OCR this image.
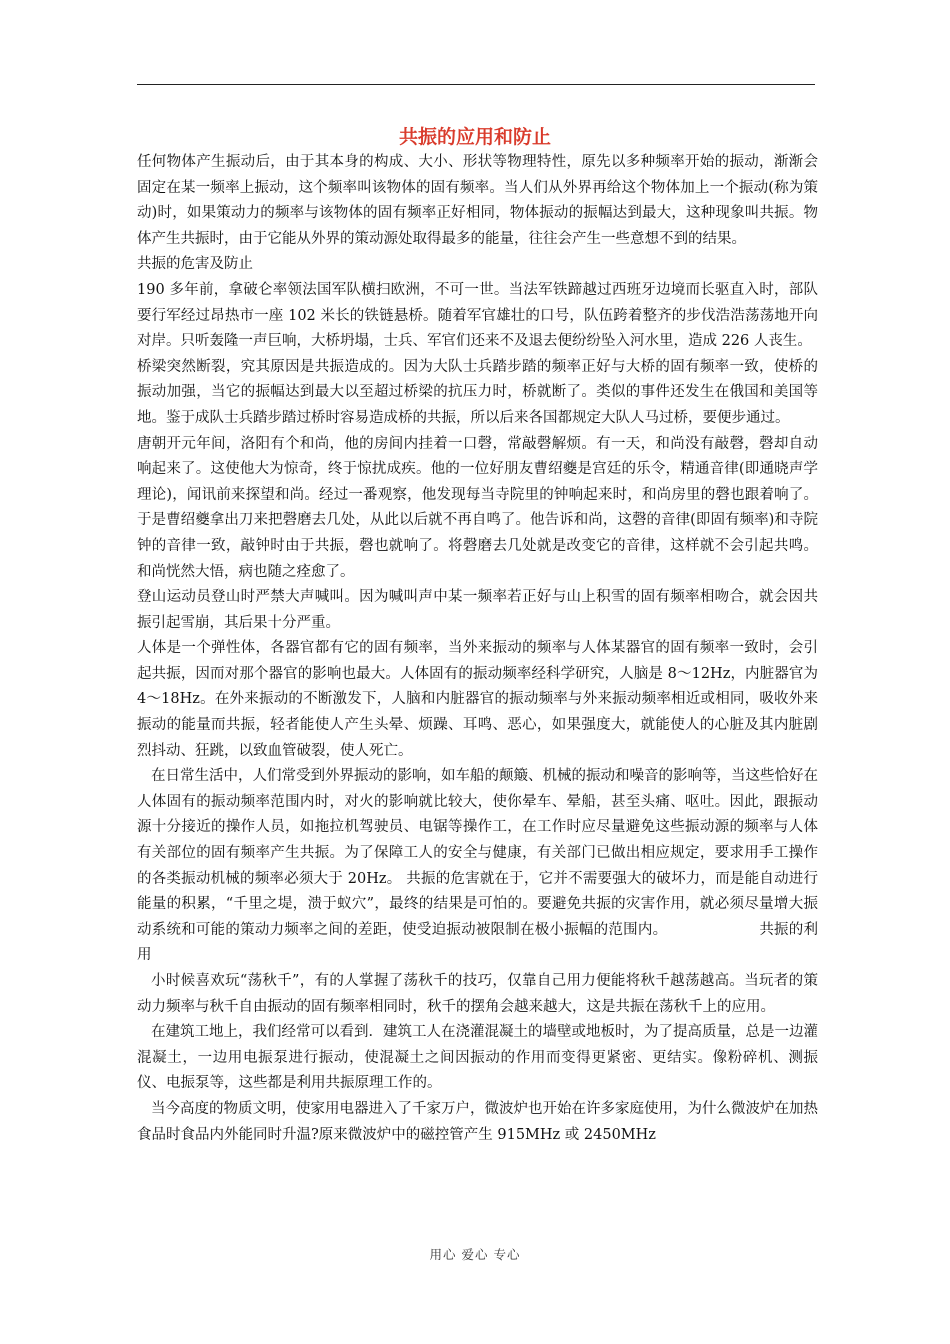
共振的应用和防止

任何物体产生振动后，由于其本身的构成、大小、形状等物理特性，原先以多种频率开始的振动，渐渐会固定在某一频率上振动，这个频率叫该物体的固有频率。当人们从外界再给这个物体加上一个振动(称为策动)时，如果策动力的频率与该物体的固有频率正好相同，物体振动的振幅达到最大，这种现象叫共振。物体产生共振时，由于它能从外界的策动源处取得最多的能量，往往会产生一些意想不到的结果。

共振的危害及防止

190 多年前，拿破仑率领法国军队横扫欧洲，不可一世。当法军铁蹄越过西班牙边境而长驱直入时，部队要行军经过昂热市一座 102 米长的铁链悬桥。随着军官雄壮的口号，队伍跨着整齐的步伐浩浩荡荡地开向对岸。只听轰隆一声巨响，大桥坍塌，士兵、军官们还来不及退去便纷纷坠入河水里，造成 226 人丧生。

桥梁突然断裂，究其原因是共振造成的。因为大队士兵踏步踏的频率正好与大桥的固有频率一致，使桥的振动加强，当它的振幅达到最大以至超过桥梁的抗压力时，桥就断了。类似的事件还发生在俄国和美国等地。鉴于成队士兵踏步踏过桥时容易造成桥的共振，所以后来各国都规定大队人马过桥，要便步通过。

唐朝开元年间，洛阳有个和尚，他的房间内挂着一口磬，常敲磬解烦。有一天，和尚没有敲磬，磬却自动响起来了。这使他大为惊奇，终于惊扰成疾。他的一位好朋友曹绍夔是宫廷的乐令，精通音律(即通晓声学理论)，闻讯前来探望和尚。经过一番观察，他发现每当寺院里的钟响起来时，和尚房里的磬也跟着响了。于是曹绍夔拿出刀来把磬磨去几处，从此以后就不再自鸣了。他告诉和尚，这磬的音律(即固有频率)和寺院钟的音律一致，敲钟时由于共振，磬也就响了。将磬磨去几处就是改变它的音律，这样就不会引起共鸣。和尚恍然大悟，病也随之痊愈了。

登山运动员登山时严禁大声喊叫。因为喊叫声中某一频率若正好与山上积雪的固有频率相吻合，就会因共振引起雪崩，其后果十分严重。

人体是一个弹性体，各器官都有它的固有频率，当外来振动的频率与人体某器官的固有频率一致时，会引起共振，因而对那个器官的影响也最大。人体固有的振动频率经科学研究，人脑是 8～12Hz，内脏器官为 4～18Hz。在外来振动的不断激发下，人脑和内脏器官的振动频率与外来振动频率相近或相同，吸收外来振动的能量而共振，轻者能使人产生头晕、烦躁、耳鸣、恶心，如果强度大，就能使人的心脏及其内脏剧烈抖动、狂跳，以致血管破裂，使人死亡。

在日常生活中，人们常受到外界振动的影响，如车船的颠簸、机械的振动和噪音的影响等，当这些恰好在人体固有的振动频率范围内时，对火的影响就比较大，使你晕车、晕船，甚至头痛、呕吐。因此，跟振动源十分接近的操作人员，如拖拉机驾驶员、电锯等操作工，在工作时应尽量避免这些振动源的频率与人体有关部位的固有频率产生共振。为了保障工人的安全与健康，有关部门已做出相应规定，要求用手工操作的各类振动机械的频率必须大于 20Hz。 共振的危害就在于，它并不需要强大的破坏力，而是能自动进行能量的积累，“千里之堤，溃于蚁穴”，最终的结果是可怕的。要避免共振的灾害作用，就必须尽量增大振动系统和可能的策动力频率之间的差距，使受迫振动被限制在极小振幅的范围内。	共振的利用

小时候喜欢玩“荡秋千”，有的人掌握了荡秋千的技巧，仅靠自己用力便能将秋千越荡越高。当玩者的策动力频率与秋千自由振动的固有频率相同时，秋千的摆角会越来越大，这是共振在荡秋千上的应用。

在建筑工地上，我们经常可以看到．建筑工人在浇灌混凝土的墙壁或地板时，为了提高质量，总是一边灌混凝土，一边用电振泵进行振动，使混凝土之间因振动的作用而变得更紧密、更结实。像粉碎机、测振仪、电振泵等，这些都是利用共振原理工作的。

当今高度的物质文明，使家用电器进入了千家万户，微波炉也开始在许多家庭使用，为什么微波炉在加热食品时食品内外能同时升温?原来微波炉中的磁控管产生 915MHz 或 2450MHz

用心 爱心 专心
